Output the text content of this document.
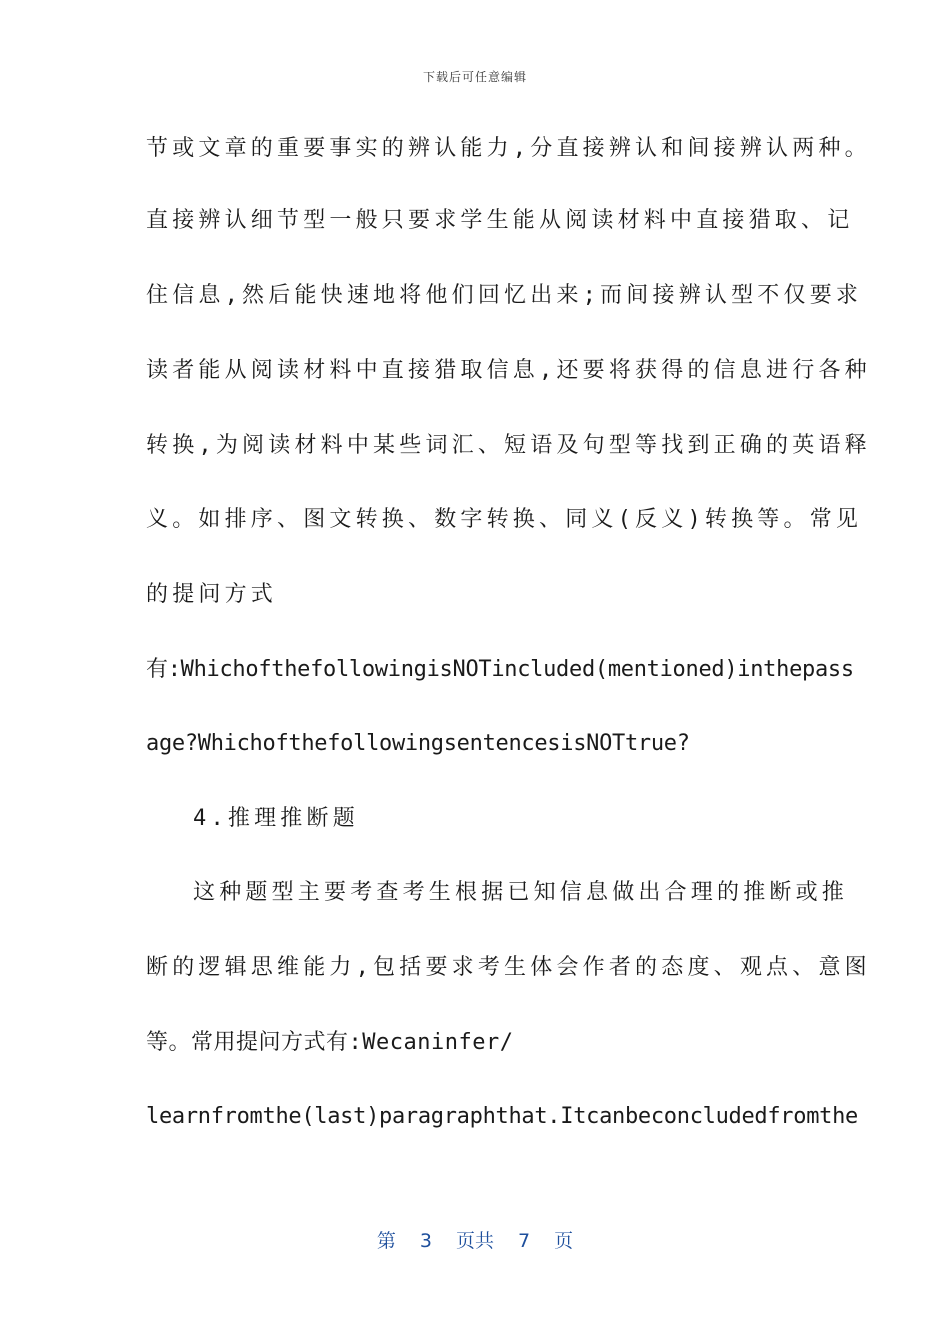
下载后可任意编辑
节或文章的重要事实的辨认能力,分直接辨认和间接辨认两种。
直接辨认细节型一般只要求学生能从阅读材料中直接猎取、记
住信息,然后能快速地将他们回忆出来;而间接辨认型不仅要求
读者能从阅读材料中直接猎取信息,还要将获得的信息进行各种
转换,为阅读材料中某些词汇、短语及句型等找到正确的英语释
义。如排序、图文转换、数字转换、同义(反义)转换等。常见
的提问方式
有:WhichofthefollowingisNOTincluded(mentioned)inthepass
age?WhichofthefollowingsentencesisNOTtrue?
4.推理推断题
这种题型主要考查考生根据已知信息做出合理的推断或推
断的逻辑思维能力,包括要求考生体会作者的态度、观点、意图
等。常用提问方式有:Wecaninfer/
learnfromthe(last)paragraphthat.Itcanbeconcludedfromthe
第 3 页共 7 页
